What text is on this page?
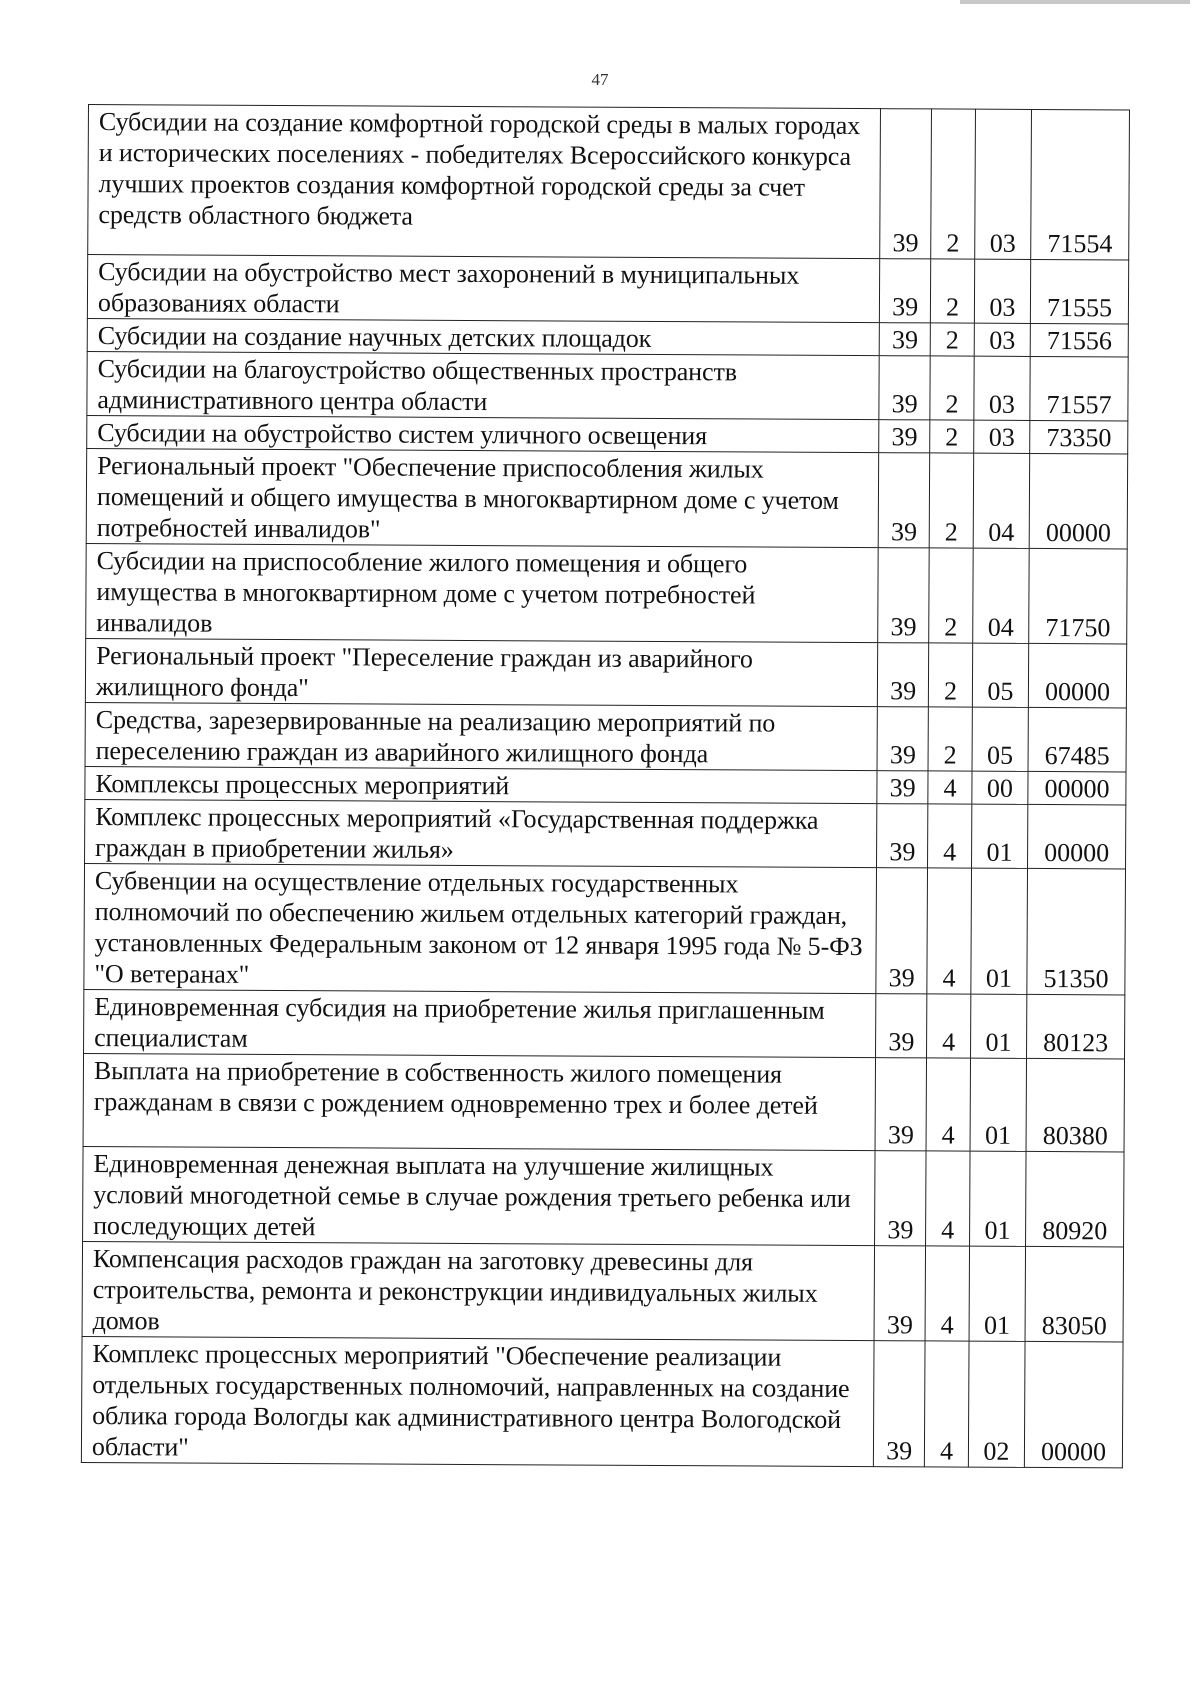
47
Субсидии на создание комфортной городской среды в малых городах и исторических поселениях - победителях Всероссийского конкурса лучших проектов создания комфортной городской среды за счет средств областного бюджета	39	2	03	71554
Субсидии на обустройство мест захоронений в муниципальных образованиях области	39	2	03	71555
Субсидии на создание научных детских площадок	39	2	03	71556
Субсидии на благоустройство общественных пространств административного центра области	39	2	03	71557
Субсидии на обустройство систем уличного освещения	39	2	03	73350
Региональный проект "Обеспечение приспособления жилых помещений и общего имущества в многоквартирном доме с учетом потребностей инвалидов"	39	2	04	00000
Субсидии на приспособление жилого помещения и общего имущества в многоквартирном доме с учетом потребностей инвалидов	39	2	04	71750
Региональный проект "Переселение граждан из аварийного жилищного фонда"	39	2	05	00000
Средства, зарезервированные на реализацию мероприятий по переселению граждан из аварийного жилищного фонда	39	2	05	67485
Комплексы процессных мероприятий	39	4	00	00000
Комплекс процессных мероприятий «Государственная поддержка граждан в приобретении жилья»	39	4	01	00000
Субвенции на осуществление отдельных государственных полномочий по обеспечению жильем отдельных категорий граждан, установленных Федеральным законом от 12 января 1995 года № 5-ФЗ "О ветеранах"	39	4	01	51350
Единовременная субсидия на приобретение жилья приглашенным специалистам	39	4	01	80123
Выплата на приобретение в собственность жилого помещения гражданам в связи с рождением одновременно трех и более детей	39	4	01	80380
Единовременная денежная выплата на улучшение жилищных условий многодетной семье в случае рождения третьего ребенка или последующих детей	39	4	01	80920
Компенсация расходов граждан на заготовку древесины для строительства, ремонта и реконструкции индивидуальных жилых домов	39	4	01	83050
Комплекс процессных мероприятий "Обеспечение реализации отдельных государственных полномочий, направленных на создание облика города Вологды как административного центра Вологодской области"	39	4	02	00000
